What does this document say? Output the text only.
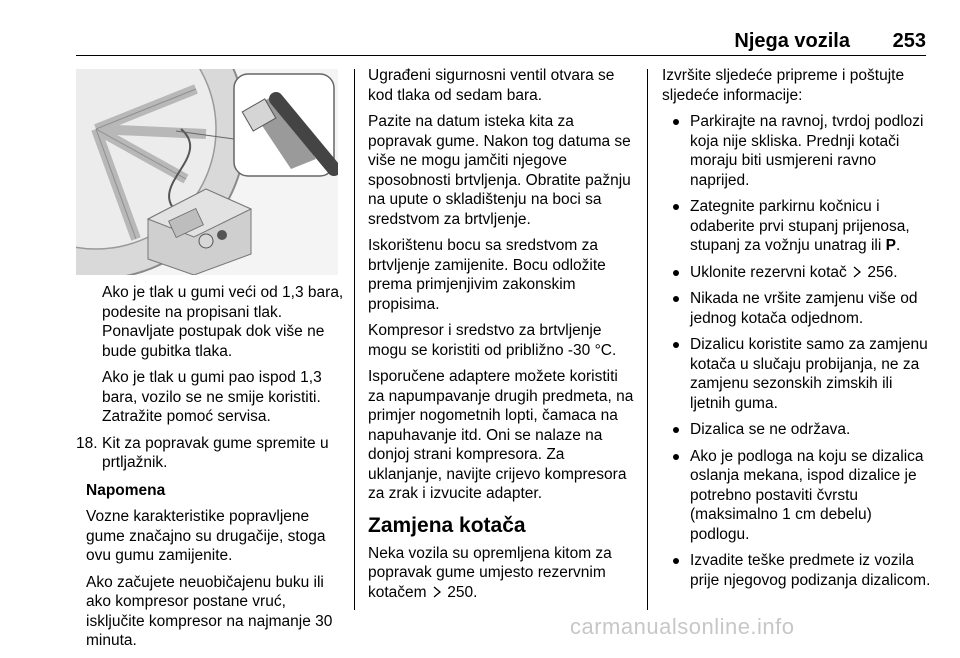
Njega vozila	253

Ako je tlak u gumi veći od 1,3 bara, podesite na propisani tlak. Ponavljate postupak dok više ne bude gubitka tlaka.

Ako je tlak u gumi pao ispod 1,3 bara, vozilo se ne smije koristiti. Zatražite pomoć servisa.

18. Kit za popravak gume spremite u prtljažnik.

Napomena

Vozne karakteristike popravljene gume značajno su drugačije, stoga ovu gumu zamijenite.

Ako začujete neuobičajenu buku ili ako kompresor postane vruć, isključite kompresor na najmanje 30 minuta.

Ugrađeni sigurnosni ventil otvara se kod tlaka od sedam bara.

Pazite na datum isteka kita za popravak gume. Nakon tog datuma se više ne mogu jamčiti njegove sposobnosti brtvljenja. Obratite pažnju na upute o skladištenju na boci sa sredstvom za brtvljenje.

Iskorištenu bocu sa sredstvom za brtvljenje zamijenite. Bocu odložite prema primjenjivim zakonskim propisima.

Kompresor i sredstvo za brtvljenje mogu se koristiti od približno -30 °C.

Isporučene adaptere možete koristiti za napumpavanje drugih predmeta, na primjer nogometnih lopti, čamaca na napuhavanje itd. Oni se nalaze na donjoj strani kompresora. Za uklanjanje, navijte crijevo kompresora za zrak i izvucite adapter.

Zamjena kotača

Neka vozila su opremljena kitom za popravak gume umjesto rezervnim kotačem 250.

Izvršite sljedeće pripreme i poštujte sljedeće informacije:

Parkirajte na ravnoj, tvrdoj podlozi koja nije skliska. Prednji kotači moraju biti usmjereni ravno naprijed.
Zategnite parkirnu kočnicu i odaberite prvi stupanj prijenosa, stupanj za vožnju unatrag ili P.
Uklonite rezervni kotač 256.
Nikada ne vršite zamjenu više od jednog kotača odjednom.
Dizalicu koristite samo za zamjenu kotača u slučaju probijanja, ne za zamjenu sezonskih zimskih ili ljetnih guma.
Dizalica se ne održava.
Ako je podloga na koju se dizalica oslanja mekana, ispod dizalice je potrebno postaviti čvrstu (maksimalno 1 cm debelu) podlogu.
Izvadite teške predmete iz vozila prije njegovog podizanja dizalicom.
carmanualsonline.info
